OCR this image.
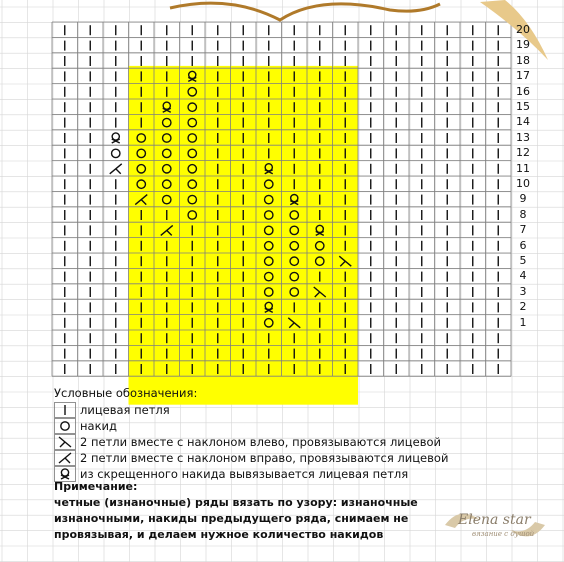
20
19
18
17
16
15
14
13
12
11
10
9
8
7
6
5
4
3
2
1
Условные обозначения:
лицевая петля
накид
2 петли вместе с наклоном влево, провязываются лицевой
2 петли вместе с наклоном вправо, провязываются лицевой
из скрещенного накида вывязывается лицевая петля
Примечание:
четные (изнаночные) ряды вязать по узору: изнаночные
изнаночными, накиды предыдущего ряда, снимаем не
провязывая, и делаем нужное количество накидов
Elena star
вязание с душой
